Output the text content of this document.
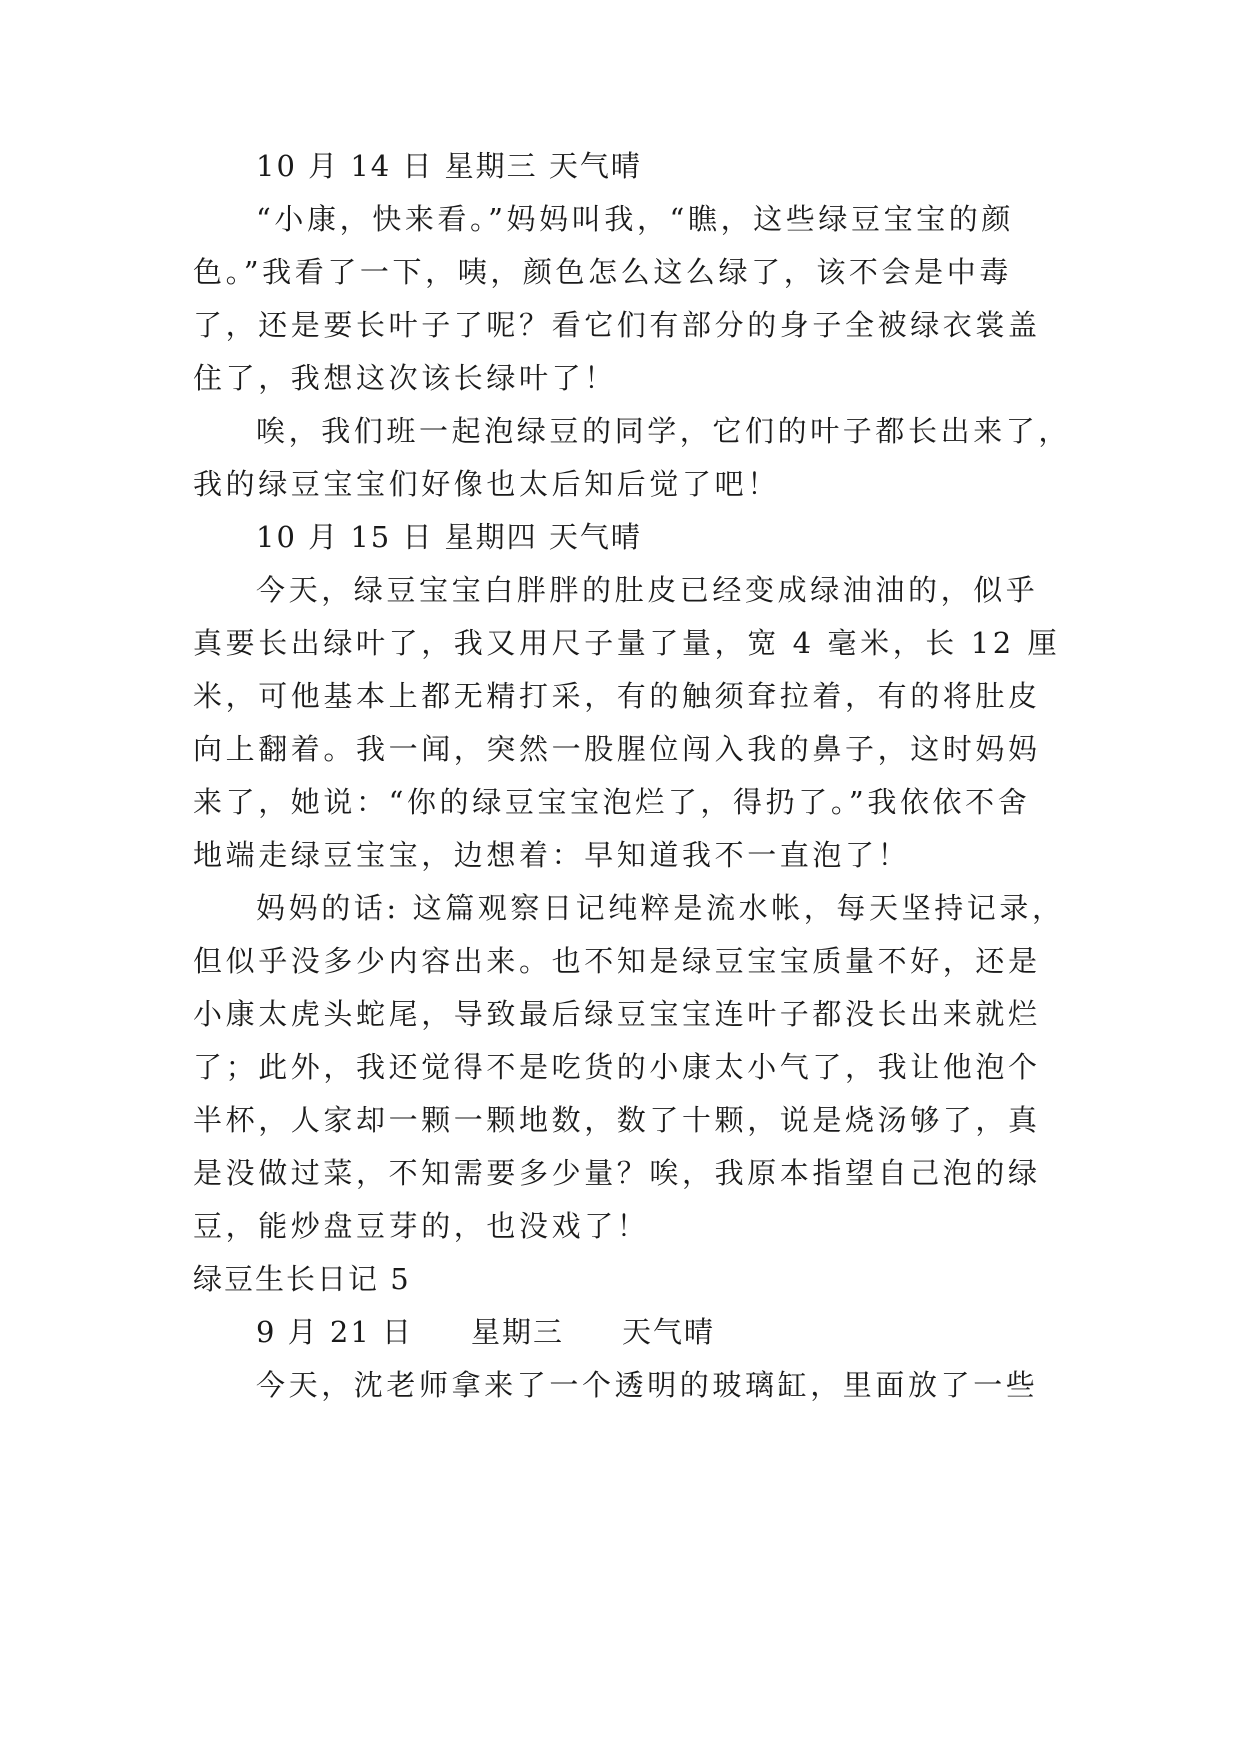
10 月 14 日 星期三 天气晴
“小康，快来看。”妈妈叫我，“瞧，这些绿豆宝宝的颜
色。”我看了一下，咦，颜色怎么这么绿了，该不会是中毒
了，还是要长叶子了呢？看它们有部分的身子全被绿衣裳盖
住了，我想这次该长绿叶了！
唉，我们班一起泡绿豆的同学，它们的叶子都长出来了，
我的绿豆宝宝们好像也太后知后觉了吧！
10 月 15 日 星期四 天气晴
今天，绿豆宝宝白胖胖的肚皮已经变成绿油油的，似乎
真要长出绿叶了，我又用尺子量了量，宽 4 毫米，长 12 厘
米，可他基本上都无精打采，有的触须耷拉着，有的将肚皮
向上翻着。我一闻，突然一股腥位闯入我的鼻子，这时妈妈
来了，她说：“你的绿豆宝宝泡烂了，得扔了。”我依依不舍
地端走绿豆宝宝，边想着：早知道我不一直泡了！
妈妈的话: 这篇观察日记纯粹是流水帐，每天坚持记录，
但似乎没多少内容出来。也不知是绿豆宝宝质量不好，还是
小康太虎头蛇尾，导致最后绿豆宝宝连叶子都没长出来就烂
了；此外，我还觉得不是吃货的小康太小气了，我让他泡个
半杯，人家却一颗一颗地数，数了十颗，说是烧汤够了，真
是没做过菜，不知需要多少量？唉，我原本指望自己泡的绿
豆，能炒盘豆芽的，也没戏了！
绿豆生长日记 5
9 月 21 日 星期三 天气晴
今天，沈老师拿来了一个透明的玻璃缸，里面放了一些
